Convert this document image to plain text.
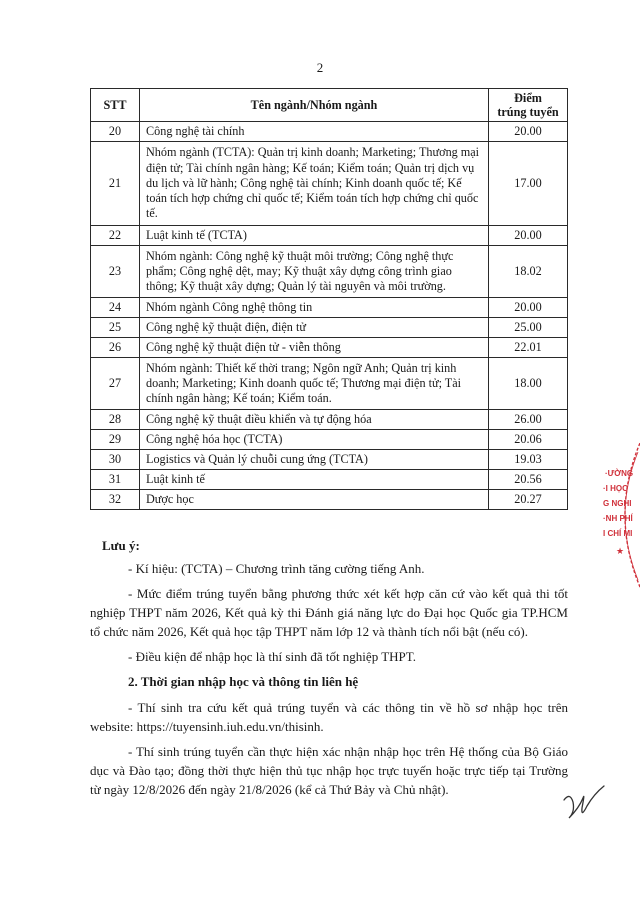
2
STT	Tên ngành/Nhóm ngành	Điểm
trúng tuyển
20	Công nghệ tài chính	20.00
21	Nhóm ngành (TCTA): Quản trị kinh doanh; Marketing; Thương mại điện tử; Tài chính ngân hàng; Kế toán; Kiểm toán; Quản trị dịch vụ du lịch và lữ hành; Công nghệ tài chính; Kinh doanh quốc tế; Kế toán tích hợp chứng chỉ quốc tế; Kiểm toán tích hợp chứng chỉ quốc tế.	17.00
22	Luật kinh tế (TCTA)	20.00
23	Nhóm ngành: Công nghệ kỹ thuật môi trường; Công nghệ thực phẩm; Công nghệ dệt, may; Kỹ thuật xây dựng công trình giao thông; Kỹ thuật xây dựng; Quản lý tài nguyên và môi trường.	18.02
24	Nhóm ngành Công nghệ thông tin	20.00
25	Công nghệ kỹ thuật điện, điện tử	25.00
26	Công nghệ kỹ thuật điện tử - viễn thông	22.01
27	Nhóm ngành: Thiết kế thời trang; Ngôn ngữ Anh; Quản trị kinh doanh; Marketing; Kinh doanh quốc tế; Thương mại điện tử; Tài chính ngân hàng; Kế toán; Kiểm toán.	18.00
28	Công nghệ kỹ thuật điều khiển và tự động hóa	26.00
29	Công nghệ hóa học (TCTA)	20.06
30	Logistics và Quản lý chuỗi cung ứng (TCTA)	19.03
31	Luật kinh tế	20.56
32	Dược học	20.27

Lưu ý:

- Kí hiệu: (TCTA) – Chương trình tăng cường tiếng Anh.

- Mức điểm trúng tuyển bằng phương thức xét kết hợp căn cứ vào kết quả thi tốt nghiệp THPT năm 2026, Kết quả kỳ thi Đánh giá năng lực do Đại học Quốc gia TP.HCM tổ chức năm 2026, Kết quả học tập THPT năm lớp 12 và thành tích nổi bật (nếu có).

- Điều kiện để nhập học là thí sinh đã tốt nghiệp THPT.

2. Thời gian nhập học và thông tin liên hệ

- Thí sinh tra cứu kết quả trúng tuyển và các thông tin về hồ sơ nhập học trên website: https://tuyensinh.iuh.edu.vn/thisinh.

- Thí sinh trúng tuyển cần thực hiện xác nhận nhập học trên Hệ thống của Bộ Giáo dục và Đào tạo; đồng thời thực hiện thủ tục nhập học trực tuyến hoặc trực tiếp tại Trường từ ngày 12/8/2026 đến ngày 21/8/2026 (kể cả Thứ Bảy và Chủ nhật).

·ƯỜNG
·I HỌC
G NGHI
·NH PHÍ
I CHÍ MI
★
